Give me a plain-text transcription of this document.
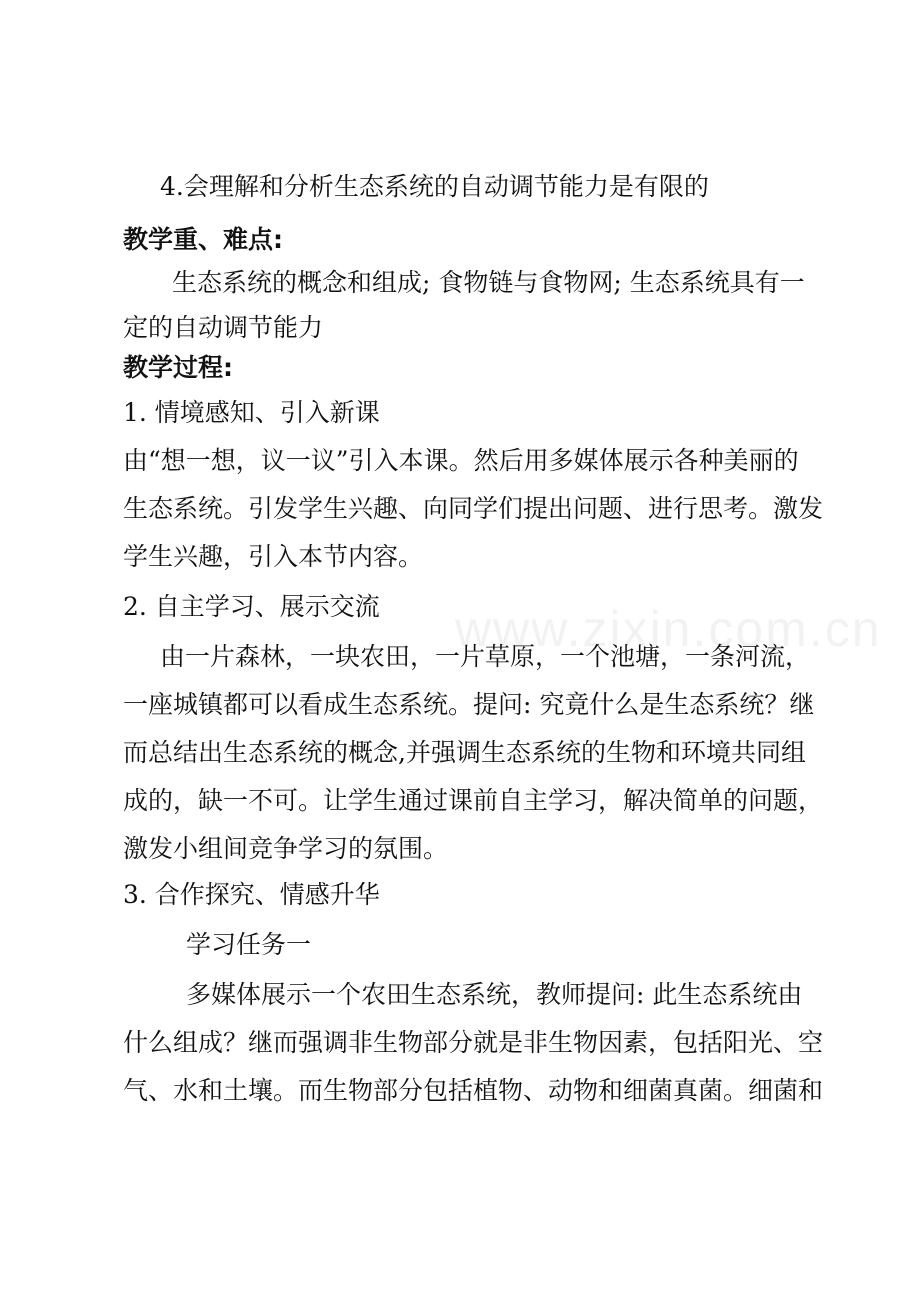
www.zixin.com.cn
4.会理解和分析生态系统的自动调节能力是有限的
教学重、难点:
生态系统的概念和组成; 食物链与食物网; 生态系统具有一
定的自动调节能力
教学过程:
1. 情境感知、引入新课
由“想一想，议一议”引入本课。然后用多媒体展示各种美丽的
生态系统。引发学生兴趣、向同学们提出问题、进行思考。激发
学生兴趣，引入本节内容。
2. 自主学习、展示交流
由一片森林，一块农田，一片草原，一个池塘，一条河流，
一座城镇都可以看成生态系统。提问: 究竟什么是生态系统？继
而总结出生态系统的概念,并强调生态系统的生物和环境共同组
成的，缺一不可。让学生通过课前自主学习，解决简单的问题，
激发小组间竞争学习的氛围。
3. 合作探究、情感升华
学习任务一
多媒体展示一个农田生态系统，教师提问: 此生态系统由
什么组成？继而强调非生物部分就是非生物因素，包括阳光、空
气、水和土壤。而生物部分包括植物、动物和细菌真菌。细菌和
